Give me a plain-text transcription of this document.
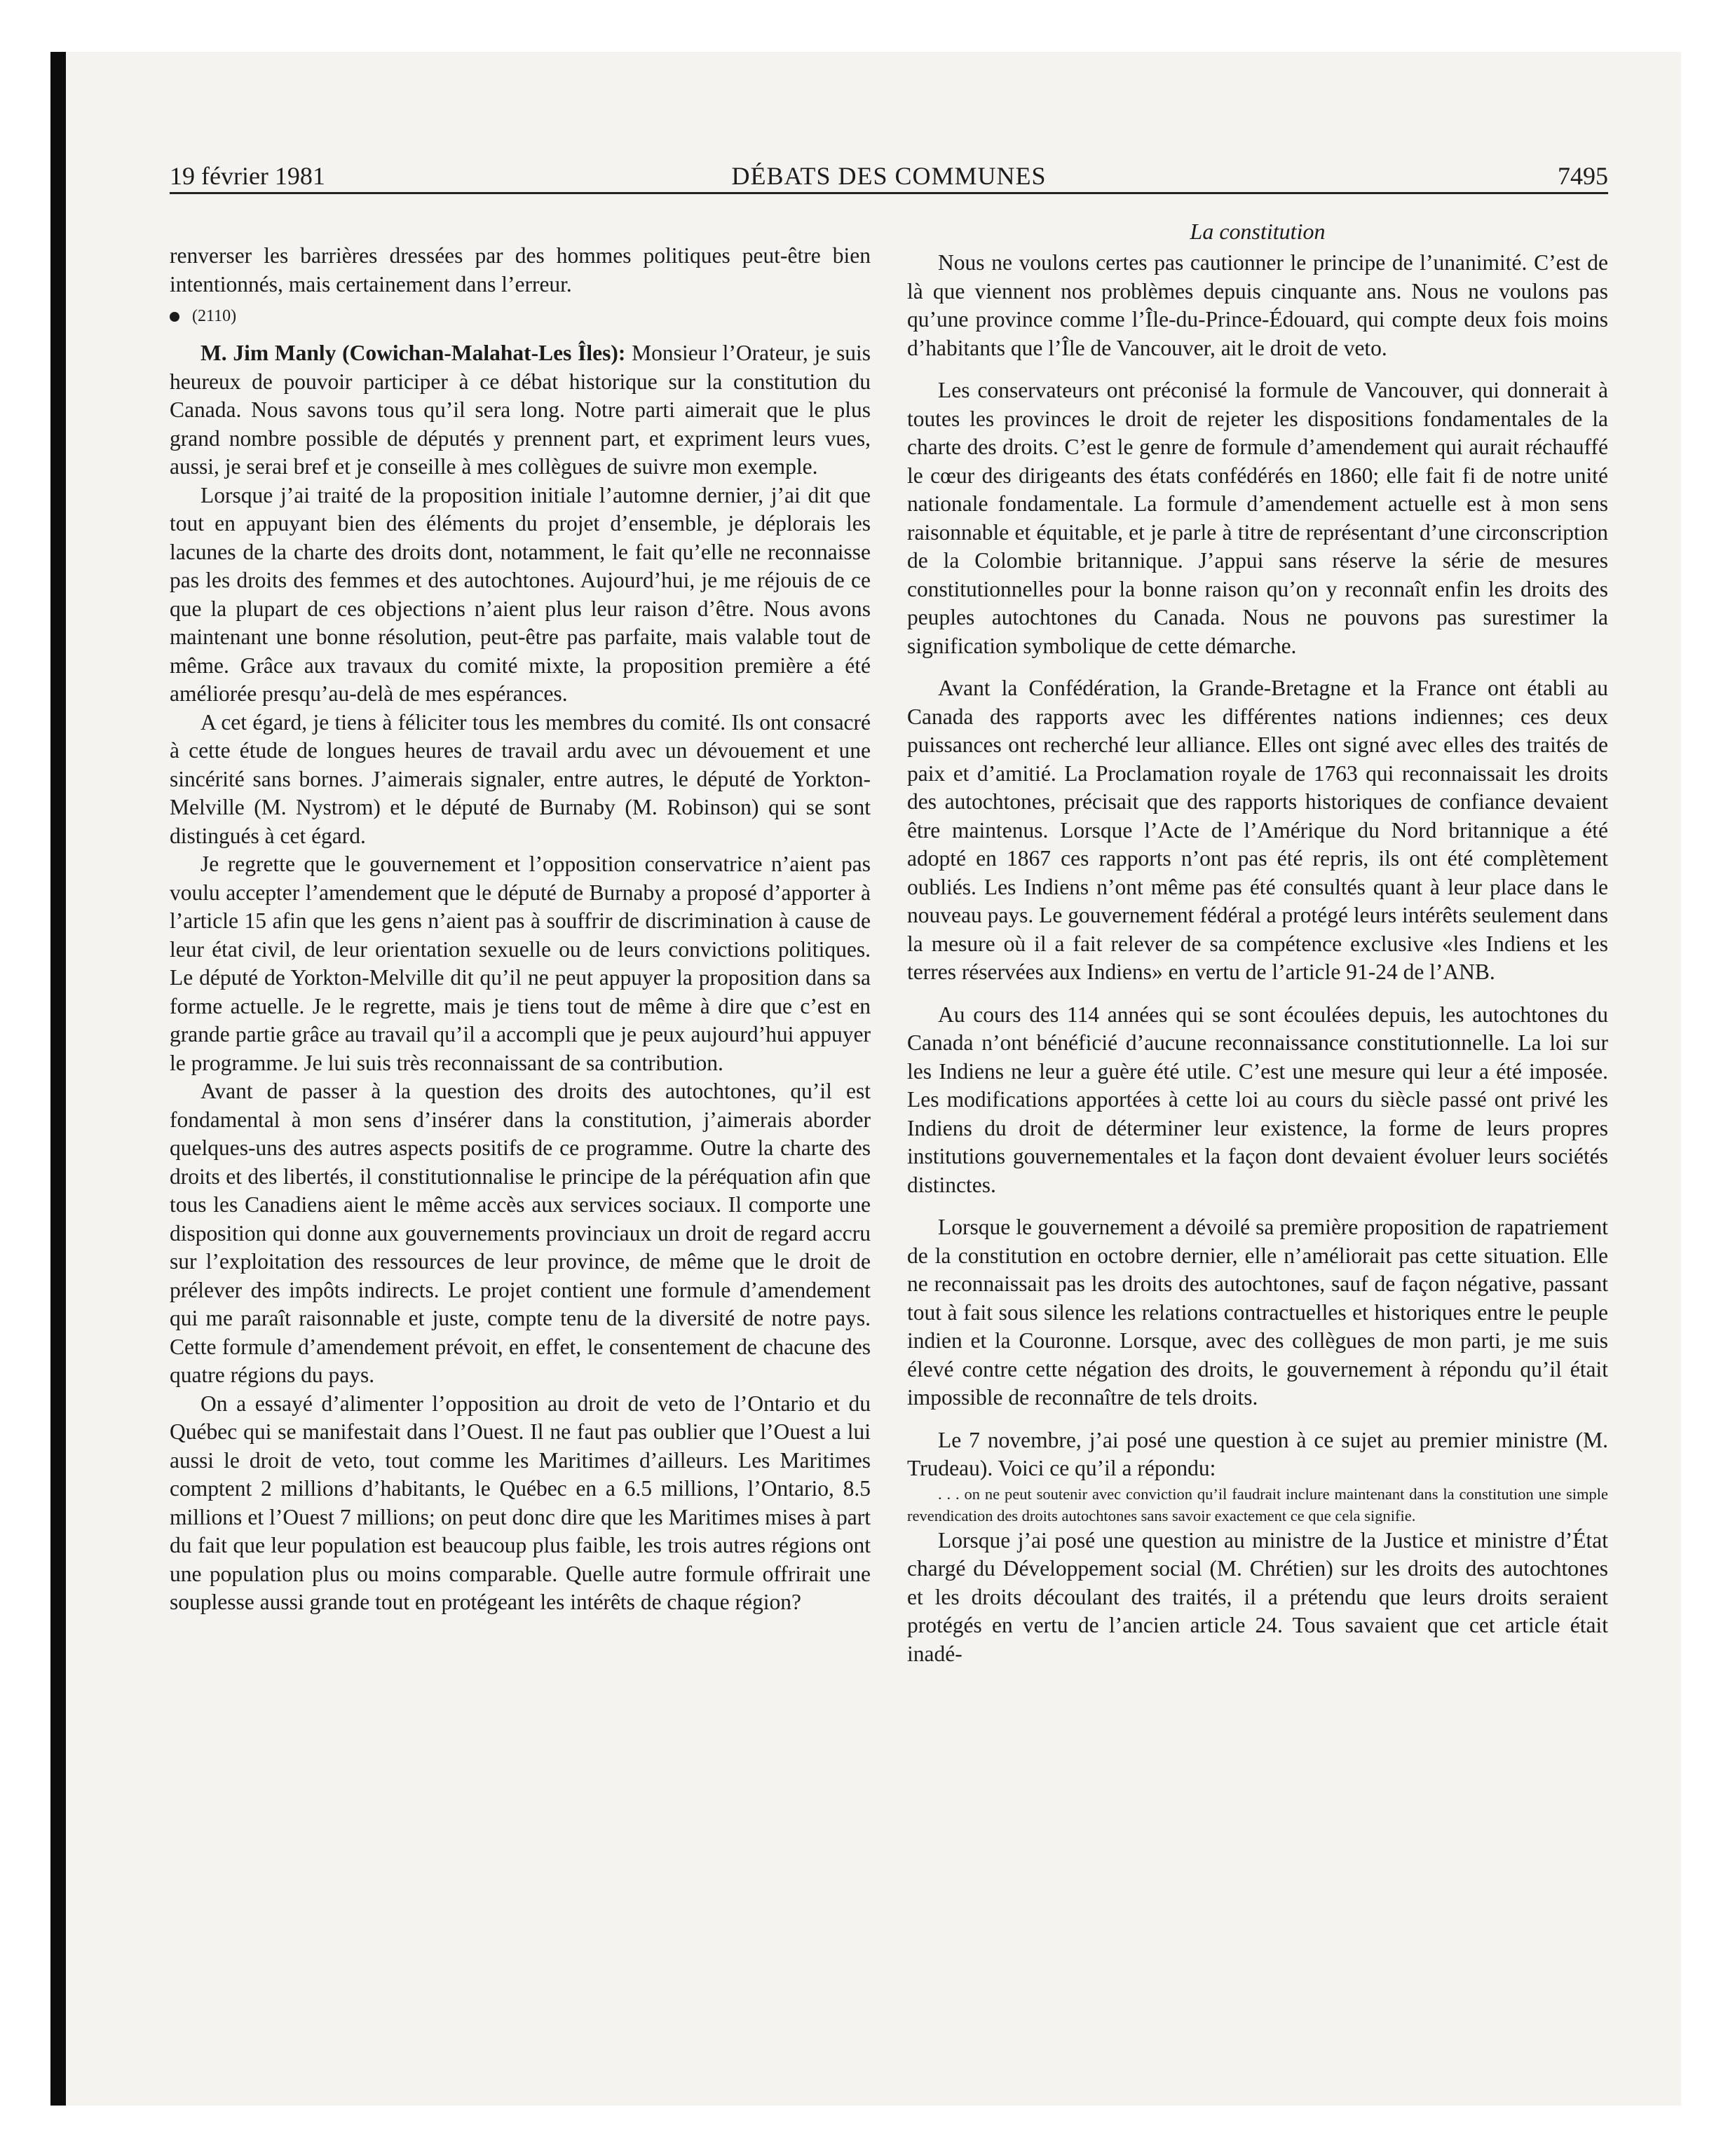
19 février 1981	DÉBATS DES COMMUNES	7495

renverser les barrières dressées par des hommes politiques peut-être bien intentionnés, mais certainement dans l’erreur.

(2110)

M. Jim Manly (Cowichan-Malahat-Les Îles): Monsieur l’Orateur, je suis heureux de pouvoir participer à ce débat historique sur la constitution du Canada. Nous savons tous qu’il sera long. Notre parti aimerait que le plus grand nombre possible de députés y prennent part, et expriment leurs vues, aussi, je serai bref et je conseille à mes collègues de suivre mon exemple.

Lorsque j’ai traité de la proposition initiale l’automne dernier, j’ai dit que tout en appuyant bien des éléments du projet d’ensemble, je déplorais les lacunes de la charte des droits dont, notamment, le fait qu’elle ne reconnaisse pas les droits des femmes et des autochtones. Aujourd’hui, je me réjouis de ce que la plupart de ces objections n’aient plus leur raison d’être. Nous avons maintenant une bonne résolution, peut-être pas parfaite, mais valable tout de même. Grâce aux travaux du comité mixte, la proposition première a été améliorée presqu’au-delà de mes espérances.

A cet égard, je tiens à féliciter tous les membres du comité. Ils ont consacré à cette étude de longues heures de travail ardu avec un dévouement et une sincérité sans bornes. J’aimerais signaler, entre autres, le député de Yorkton-Melville (M. Nystrom) et le député de Burnaby (M. Robinson) qui se sont distingués à cet égard.

Je regrette que le gouvernement et l’opposition conservatrice n’aient pas voulu accepter l’amendement que le député de Burnaby a proposé d’apporter à l’article 15 afin que les gens n’aient pas à souffrir de discrimination à cause de leur état civil, de leur orientation sexuelle ou de leurs convictions politiques. Le député de Yorkton-Melville dit qu’il ne peut appuyer la proposition dans sa forme actuelle. Je le regrette, mais je tiens tout de même à dire que c’est en grande partie grâce au travail qu’il a accompli que je peux aujourd’hui appuyer le programme. Je lui suis très reconnaissant de sa contribution.

Avant de passer à la question des droits des autochtones, qu’il est fondamental à mon sens d’insérer dans la constitution, j’aimerais aborder quelques-uns des autres aspects positifs de ce programme. Outre la charte des droits et des libertés, il constitutionnalise le principe de la péréquation afin que tous les Canadiens aient le même accès aux services sociaux. Il comporte une disposition qui donne aux gouvernements provinciaux un droit de regard accru sur l’exploitation des ressources de leur province, de même que le droit de prélever des impôts indirects. Le projet contient une formule d’amendement qui me paraît raisonnable et juste, compte tenu de la diversité de notre pays. Cette formule d’amendement prévoit, en effet, le consentement de chacune des quatre régions du pays.

On a essayé d’alimenter l’opposition au droit de veto de l’Ontario et du Québec qui se manifestait dans l’Ouest. Il ne faut pas oublier que l’Ouest a lui aussi le droit de veto, tout comme les Maritimes d’ailleurs. Les Maritimes comptent 2 millions d’habitants, le Québec en a 6.5 millions, l’Ontario, 8.5 millions et l’Ouest 7 millions; on peut donc dire que les Maritimes mises à part du fait que leur population est beaucoup plus faible, les trois autres régions ont une population plus ou moins comparable. Quelle autre formule offrirait une souplesse aussi grande tout en protégeant les intérêts de chaque région?

La constitution

Nous ne voulons certes pas cautionner le principe de l’unanimité. C’est de là que viennent nos problèmes depuis cinquante ans. Nous ne voulons pas qu’une province comme l’Île-du-Prince-Édouard, qui compte deux fois moins d’habitants que l’Île de Vancouver, ait le droit de veto.

Les conservateurs ont préconisé la formule de Vancouver, qui donnerait à toutes les provinces le droit de rejeter les dispositions fondamentales de la charte des droits. C’est le genre de formule d’amendement qui aurait réchauffé le cœur des dirigeants des états confédérés en 1860; elle fait fi de notre unité nationale fondamentale. La formule d’amendement actuelle est à mon sens raisonnable et équitable, et je parle à titre de représentant d’une circonscription de la Colombie britannique. J’appui sans réserve la série de mesures constitutionnelles pour la bonne raison qu’on y reconnaît enfin les droits des peuples autochtones du Canada. Nous ne pouvons pas surestimer la signification symbolique de cette démarche.

Avant la Confédération, la Grande-Bretagne et la France ont établi au Canada des rapports avec les différentes nations indiennes; ces deux puissances ont recherché leur alliance. Elles ont signé avec elles des traités de paix et d’amitié. La Proclamation royale de 1763 qui reconnaissait les droits des autochtones, précisait que des rapports historiques de confiance devaient être maintenus. Lorsque l’Acte de l’Amérique du Nord britannique a été adopté en 1867 ces rapports n’ont pas été repris, ils ont été complètement oubliés. Les Indiens n’ont même pas été consultés quant à leur place dans le nouveau pays. Le gouvernement fédéral a protégé leurs intérêts seulement dans la mesure où il a fait relever de sa compétence exclusive «les Indiens et les terres réservées aux Indiens» en vertu de l’article 91-24 de l’ANB.

Au cours des 114 années qui se sont écoulées depuis, les autochtones du Canada n’ont bénéficié d’aucune reconnaissance constitutionnelle. La loi sur les Indiens ne leur a guère été utile. C’est une mesure qui leur a été imposée. Les modifications apportées à cette loi au cours du siècle passé ont privé les Indiens du droit de déterminer leur existence, la forme de leurs propres institutions gouvernementales et la façon dont devaient évoluer leurs sociétés distinctes.

Lorsque le gouvernement a dévoilé sa première proposition de rapatriement de la constitution en octobre dernier, elle n’améliorait pas cette situation. Elle ne reconnaissait pas les droits des autochtones, sauf de façon négative, passant tout à fait sous silence les relations contractuelles et historiques entre le peuple indien et la Couronne. Lorsque, avec des collègues de mon parti, je me suis élevé contre cette négation des droits, le gouvernement à répondu qu’il était impossible de reconnaître de tels droits.

Le 7 novembre, j’ai posé une question à ce sujet au premier ministre (M. Trudeau). Voici ce qu’il a répondu:

. . . on ne peut soutenir avec conviction qu’il faudrait inclure maintenant dans la constitution une simple revendication des droits autochtones sans savoir exactement ce que cela signifie.

Lorsque j’ai posé une question au ministre de la Justice et ministre d’État chargé du Développement social (M. Chrétien) sur les droits des autochtones et les droits découlant des traités, il a prétendu que leurs droits seraient protégés en vertu de l’ancien article 24. Tous savaient que cet article était inadé-
